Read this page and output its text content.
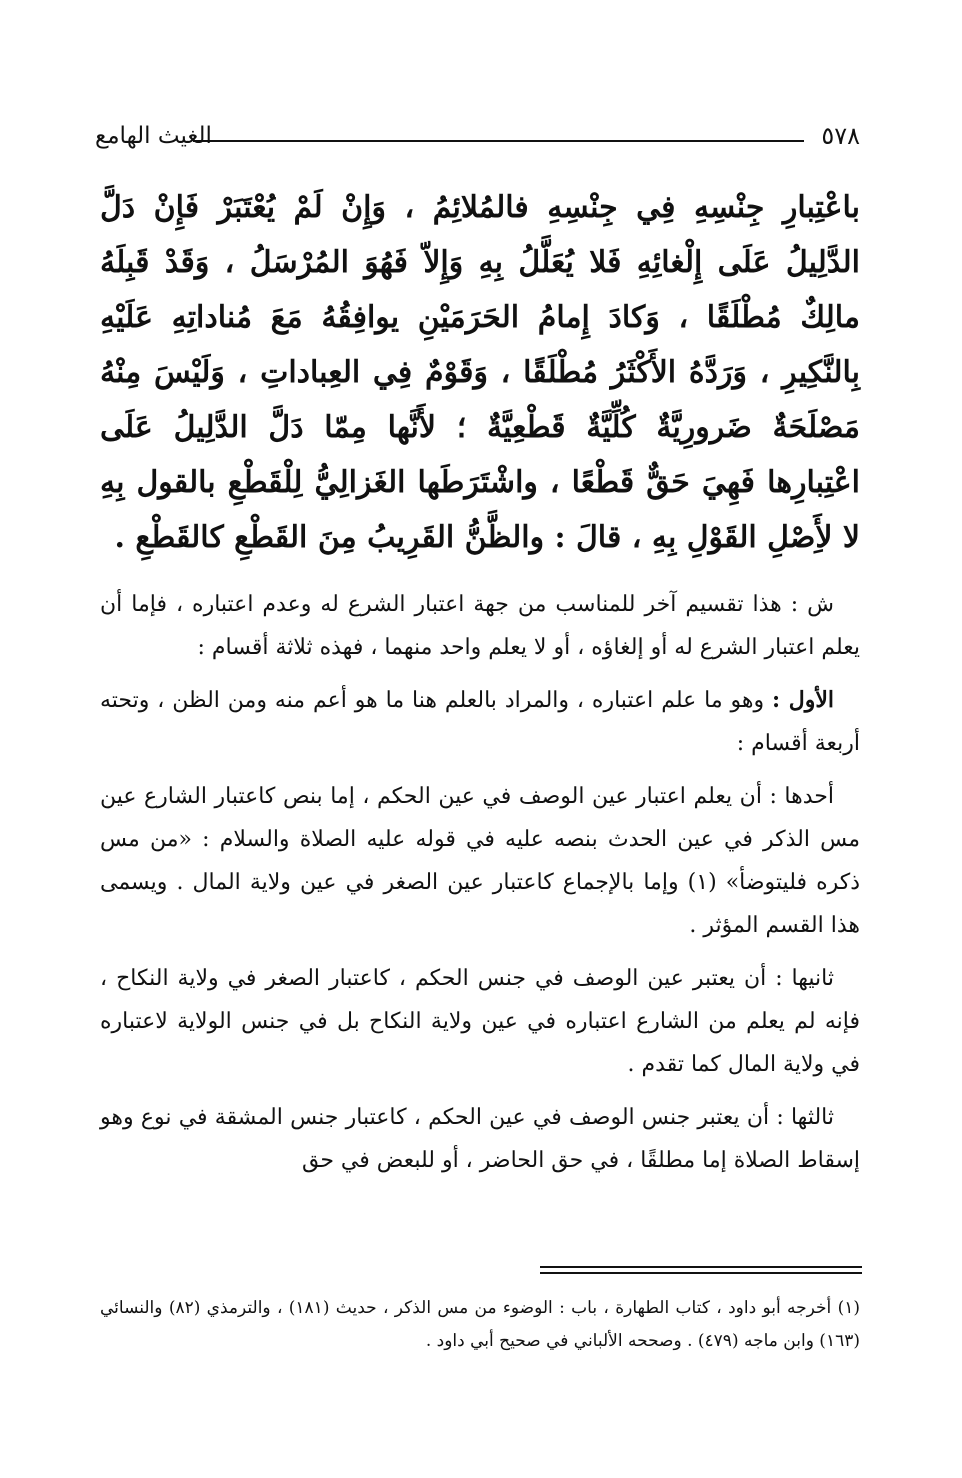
٥٧٨
الغيث الهامع

باعْتِبارِ جِنْسِهِ فِي جِنْسِهِ فالمُلائِمُ ، وَإِنْ لَمْ يُعْتَبَرْ فَإِنْ دَلَّ الدَّلِيلُ عَلَى إِلْغائِهِ فَلا يُعَلَّلُ بِهِ وَإِلاّ فَهُوَ المُرْسَلُ ، وَقَدْ قَبِلَهُ مالِكٌ مُطْلَقًا ، وَكادَ إِمامُ الحَرَمَيْنِ يوافِقُهُ مَعَ مُناداتِهِ عَلَيْهِ بِالنَّكِيرِ ، وَرَدَّهُ الأَكْثَرُ مُطْلَقًا ، وَقَوْمٌ فِي العِباداتِ ، وَلَيْسَ مِنْهُ مَصْلَحَةٌ ضَرورِيَّةٌ كُلِّيَّةٌ قَطْعِيَّةٌ ؛ لأَنَّها مِمّا دَلَّ الدَّلِيلُ عَلَى اعْتِبارِها فَهِيَ حَقٌّ قَطْعًا ، واشْتَرَطَها الغَزالِيُّ لِلْقَطْعِ بالقول بِهِ لا لأَِصْلِ القَوْلِ بِهِ ، قالَ : والظَّنُّ القَرِيبُ مِنَ القَطْعِ كالقَطْعِ .

ش : هذا تقسيم آخر للمناسب من جهة اعتبار الشرع له وعدم اعتباره ، فإما أن يعلم اعتبار الشرع له أو إلغاؤه ، أو لا يعلم واحد منهما ، فهذه ثلاثة أقسام :

الأول : وهو ما علم اعتباره ، والمراد بالعلم هنا ما هو أعم منه ومن الظن ، وتحته أربعة أقسام :

أحدها : أن يعلم اعتبار عين الوصف في عين الحكم ، إما بنص كاعتبار الشارع عين مس الذكر في عين الحدث بنصه عليه في قوله عليه الصلاة والسلام : «من مس ذكره فليتوضأ» (١) وإما بالإجماع كاعتبار عين الصغر في عين ولاية المال . ويسمى هذا القسم المؤثر .

ثانيها : أن يعتبر عين الوصف في جنس الحكم ، كاعتبار الصغر في ولاية النكاح ، فإنه لم يعلم من الشارع اعتباره في عين ولاية النكاح بل في جنس الولاية لاعتباره في ولاية المال كما تقدم .

ثالثها : أن يعتبر جنس الوصف في عين الحكم ، كاعتبار جنس المشقة في نوع وهو إسقاط الصلاة إما مطلقًا ، في حق الحاضر ، أو للبعض في حق

(١) أخرجه أبو داود ، كتاب الطهارة ، باب : الوضوء من مس الذكر ، حديث (١٨١) ، والترمذي (٨٢) والنسائي (١٦٣) وابن ماجه (٤٧٩) . وصححه الألباني في صحيح أبي داود .
